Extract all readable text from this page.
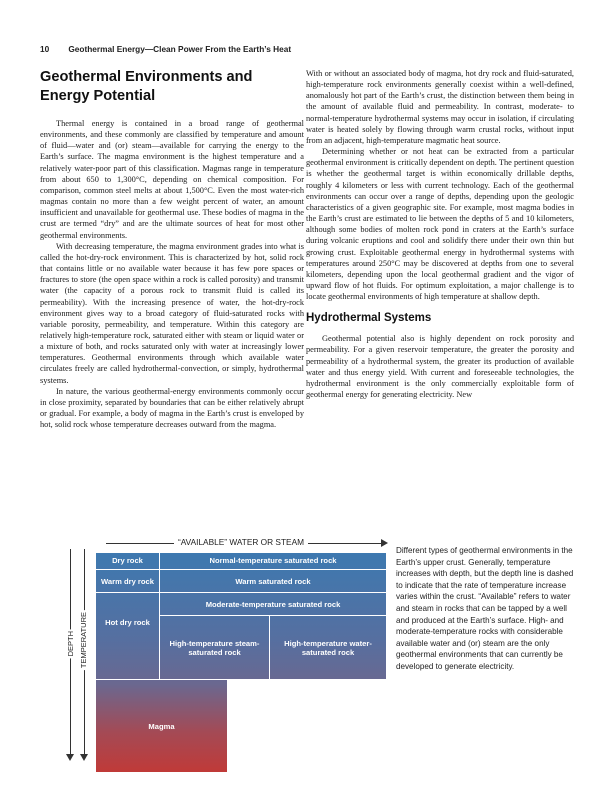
10 Geothermal Energy—Clean Power From the Earth’s Heat
Geothermal Environments and Energy Potential

Thermal energy is contained in a broad range of geothermal environments, and these commonly are classified by temperature and amount of fluid—water and (or) steam—available for carrying the energy to the Earth’s surface. The magma environment is the highest temperature and a relatively water-poor part of this classification. Magmas range in temperature from about 650 to 1,300°C, depending on chemical composition. For comparison, common steel melts at about 1,500°C. Even the most water-rich magmas contain no more than a few weight percent of water, an amount insufficient and unavailable for geothermal use. These bodies of magma in the crust are termed “dry” and are the ultimate sources of heat for most other geothermal environments.

With decreasing temperature, the magma environment grades into what is called the hot-dry-rock environment. This is characterized by hot, solid rock that contains little or no available water because it has few pore spaces or fractures to store (the open space within a rock is called porosity) and transmit water (the capacity of a porous rock to transmit fluid is called its permeability). With the increasing presence of water, the hot-dry-rock environment gives way to a broad category of fluid-saturated rocks with variable porosity, permeability, and temperature. Within this category are relatively high-temperature rock, saturated either with steam or liquid water or a mixture of both, and rocks saturated only with water at increasingly lower temperatures. Geothermal environments through which available water circulates freely are called hydrothermal-convection, or simply, hydrothermal systems.

In nature, the various geothermal-energy environments commonly occur in close proximity, separated by boundaries that can be either relatively abrupt or gradual. For example, a body of magma in the Earth’s crust is enveloped by hot, solid rock whose temperature decreases outward from the magma.

With or without an associated body of magma, hot dry rock and fluid-saturated, high-temperature rock environments generally coexist within a well-defined, anomalously hot part of the Earth’s crust, the distinction between them being in the amount of available fluid and permeability. In contrast, moderate- to normal-temperature hydrothermal systems may occur in isolation, if circulating water is heated solely by flowing through warm crustal rocks, without input from an adjacent, high-temperature magmatic heat source.

Determining whether or not heat can be extracted from a particular geothermal environment is critically dependent on depth. The pertinent question is whether the geothermal target is within economically drillable depths, roughly 4 kilometers or less with current technology. Each of the geothermal environments can occur over a range of depths, depending upon the geologic characteristics of a given geographic site. For example, most magma bodies in the Earth’s crust are estimated to lie between the depths of 5 and 10 kilometers, although some bodies of molten rock pond in craters at the Earth’s surface during volcanic eruptions and cool and solidify there under their own thin but growing crust. Exploitable geothermal energy in hydrothermal systems with temperatures around 250°C may be discovered at depths from one to several kilometers, depending upon the local geothermal gradient and the vigor of upward flow of hot fluids. For optimum exploitation, a major challenge is to locate geothermal environments of high temperature at shallow depth.

Hydrothermal Systems

Geothermal potential also is highly dependent on rock porosity and permeability. For a given reservoir temperature, the greater the porosity and permeability of a hydrothermal system, the greater its production of available water and thus energy yield. With current and foreseeable technologies, the hydrothermal environment is the only commercially exploitable form of geothermal energy for generating electricity. New

“AVAILABLE” WATER OR STEAM
DEPTH TEMPERATURE
Dry rock
Warm dry rock
Hot dry rock
Magma
Normal-temperature saturated rock
Warm saturated rock
Moderate-temperature saturated rock
High-temperature steam-saturated rock
High-temperature water-saturated rock
Different types of geothermal environments in the Earth’s upper crust. Generally, temperature increases with depth, but the depth line is dashed to indicate that the rate of temperature increase varies within the crust. “Available” refers to water and steam in rocks that can be tapped by a well and produced at the Earth’s surface. High- and moderate-temperature rocks with considerable available water and (or) steam are the only geothermal environments that can currently be developed to generate electricity.
